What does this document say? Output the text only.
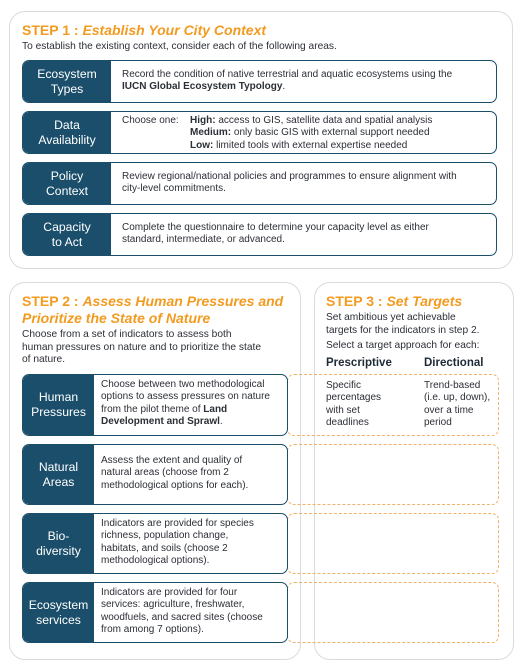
STEP 1 : Establish Your City Context
To establish the existing context, consider each of the following areas.
Ecosystem
Types
Record the condition of native terrestrial and aquatic ecosystems using the
IUCN Global Ecosystem Typology.
Data
Availability
Choose one: High: access to GIS, satellite data and spatial analysis
Medium: only basic GIS with external support needed
Low: limited tools with external expertise needed
Policy
Context
Review regional/national policies and programmes to ensure alignment with
city-level commitments.
Capacity
to Act
Complete the questionnaire to determine your capacity level as either
standard, intermediate, or advanced.
STEP 2 : Assess Human Pressures and
Prioritize the State of Nature
Choose from a set of indicators to assess both
human pressures on nature and to prioritize the state
of nature.
STEP 3 : Set Targets
Set ambitious yet achievable
targets for the indicators in step 2.
Select a target approach for each:
Prescriptive	Directional
Specific
percentages
with set
deadlines
Trend-based
(i.e. up, down),
over a time
period
Human
Pressures
Choose between two methodological
options to assess pressures on nature
from the pilot theme of Land
Development and Sprawl.
Natural
Areas
Assess the extent and quality of
natural areas (choose from 2
methodological options for each).
Bio-
diversity
Indicators are provided for species
richness, population change,
habitats, and soils (choose 2
methodological options).
Ecosystem
services
Indicators are provided for four
services: agriculture, freshwater,
woodfuels, and sacred sites (choose
from among 7 options).
